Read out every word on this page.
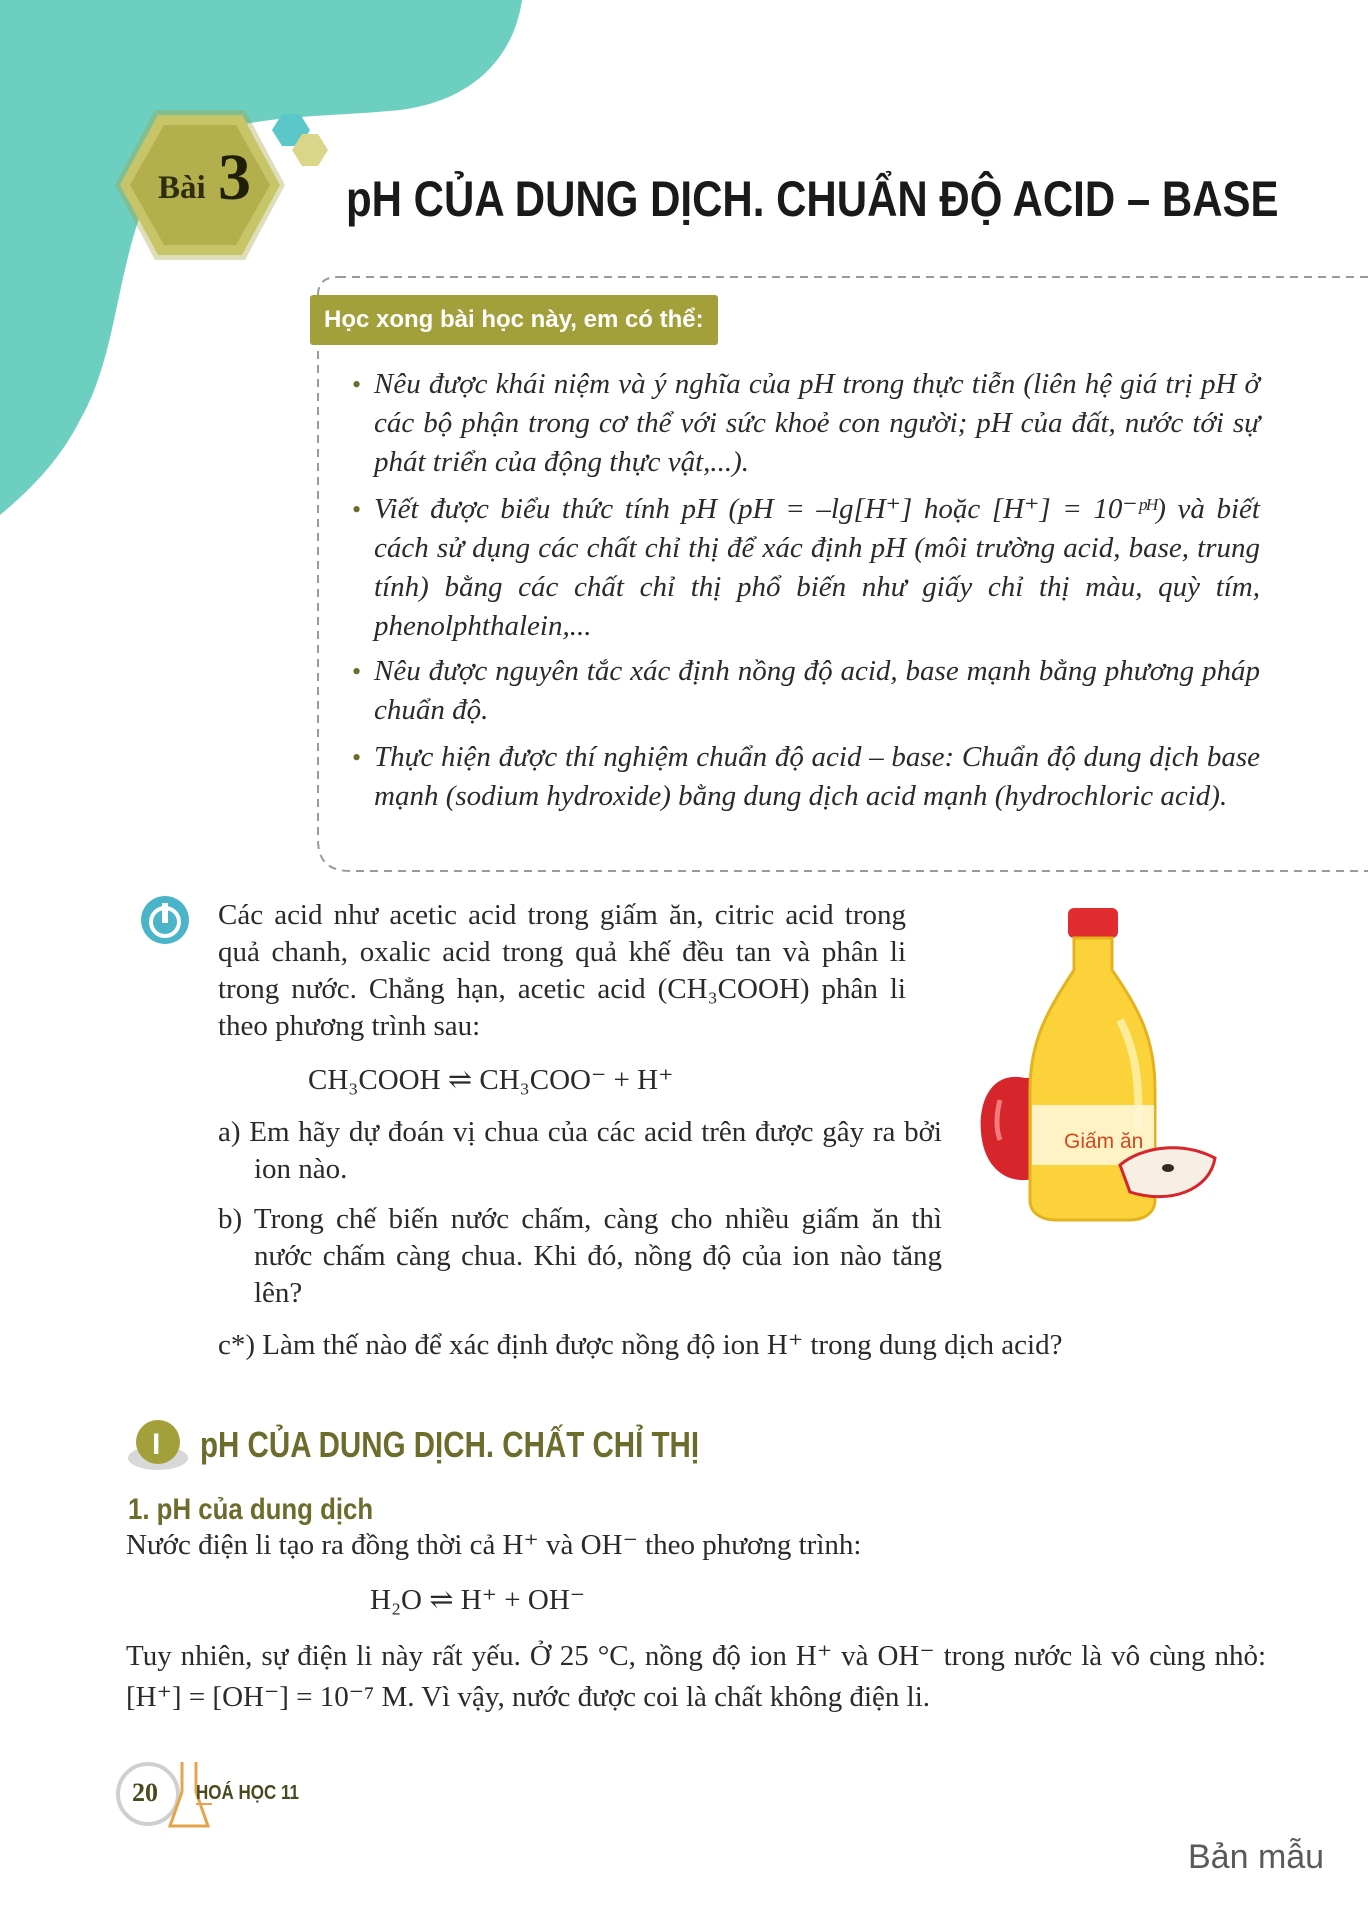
Bài 3 pH CỦA DUNG DỊCH. CHUẨN ĐỘ ACID – BASE
Học xong bài học này, em có thể:
• Nêu được khái niệm và ý nghĩa của pH trong thực tiễn (liên hệ giá trị pH ở các bộ phận trong cơ thể với sức khoẻ con người; pH của đất, nước tới sự phát triển của động thực vật,...).
• Viết được biểu thức tính pH (pH = –lg[H⁺] hoặc [H⁺] = 10⁻ᵖᴴ) và biết cách sử dụng các chất chỉ thị để xác định pH (môi trường acid, base, trung tính) bằng các chất chỉ thị phổ biến như giấy chỉ thị màu, quỳ tím, phenolphthalein,...
• Nêu được nguyên tắc xác định nồng độ acid, base mạnh bằng phương pháp chuẩn độ.
• Thực hiện được thí nghiệm chuẩn độ acid – base: Chuẩn độ dung dịch base mạnh (sodium hydroxide) bằng dung dịch acid mạnh (hydrochloric acid).
Các acid như acetic acid trong giấm ăn, citric acid trong quả chanh, oxalic acid trong quả khế đều tan và phân li trong nước. Chẳng hạn, acetic acid (CH₃COOH) phân li theo phương trình sau:
CH₃COOH ⇌ CH₃COO⁻ + H⁺
a) Em hãy dự đoán vị chua của các acid trên được gây ra bởi ion nào.
b) Trong chế biến nước chấm, càng cho nhiều giấm ăn thì nước chấm càng chua. Khi đó, nồng độ của ion nào tăng lên?
c*) Làm thế nào để xác định được nồng độ ion H⁺ trong dung dịch acid?
Giấm ăn
I pH CỦA DUNG DỊCH. CHẤT CHỈ THỊ
1. pH của dung dịch
Nước điện li tạo ra đồng thời cả H⁺ và OH⁻ theo phương trình:
H₂O ⇌ H⁺ + OH⁻
Tuy nhiên, sự điện li này rất yếu. Ở 25 °C, nồng độ ion H⁺ và OH⁻ trong nước là vô cùng nhỏ: [H⁺] = [OH⁻] = 10⁻⁷ M. Vì vậy, nước được coi là chất không điện li.
20 HOÁ HỌC 11
Bản mẫu
